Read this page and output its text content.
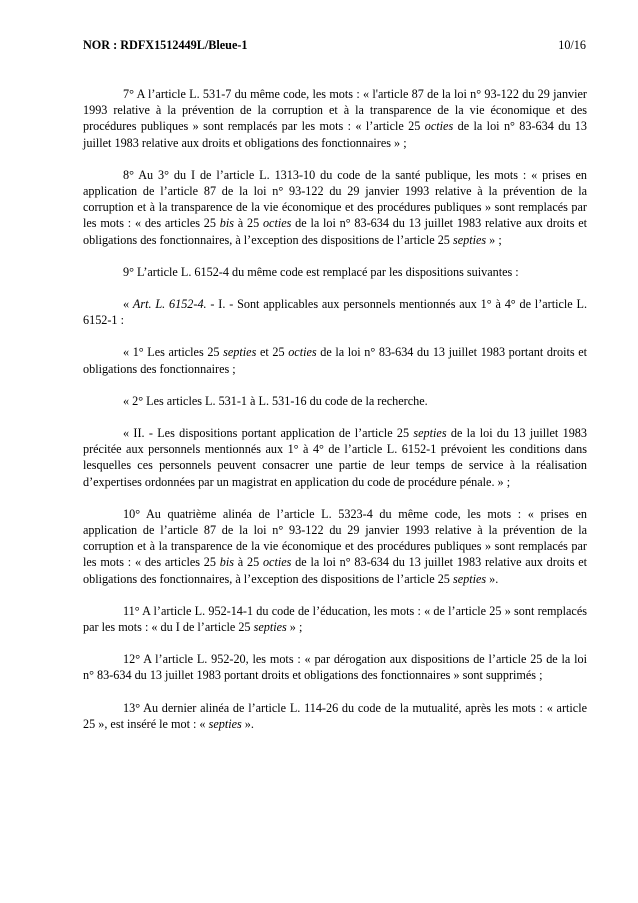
NOR : RDFX1512449L/Bleue-1	10/16

7° A l’article L. 531-7 du même code, les mots : « l'article 87 de la loi n° 93-122 du 29 janvier 1993 relative à la prévention de la corruption et à la transparence de la vie économique et des procédures publiques » sont remplacés par les mots : « l’article 25 octies de la loi n° 83-634 du 13 juillet 1983 relative aux droits et obligations des fonctionnaires » ;

8° Au 3° du I de l’article L. 1313-10 du code de la santé publique, les mots : « prises en application de l’article 87 de la loi n° 93-122 du 29 janvier 1993 relative à la prévention de la corruption et à la transparence de la vie économique et des procédures publiques » sont remplacés par les mots : « des articles 25 bis à 25 octies de la loi n° 83-634 du 13 juillet 1983 relative aux droits et obligations des fonctionnaires, à l’exception des dispositions de l’article 25 septies » ;

9° L’article L. 6152-4 du même code est remplacé par les dispositions suivantes :

« Art. L. 6152-4. - I. - Sont applicables aux personnels mentionnés aux 1° à 4° de l’article L. 6152-1 :

« 1° Les articles 25 septies et 25 octies de la loi n° 83-634 du 13 juillet 1983 portant droits et obligations des fonctionnaires ;

« 2° Les articles L. 531-1 à L. 531-16 du code de la recherche.

« II. - Les dispositions portant application de l’article 25 septies de la loi du 13 juillet 1983 précitée aux personnels mentionnés aux 1° à 4° de l’article L. 6152-1 prévoient les conditions dans lesquelles ces personnels peuvent consacrer une partie de leur temps de service à la réalisation d’expertises ordonnées par un magistrat en application du code de procédure pénale. » ;

10° Au quatrième alinéa de l’article L. 5323-4 du même code, les mots : « prises en application de l’article 87 de la loi n° 93-122 du 29 janvier 1993 relative à la prévention de la corruption et à la transparence de la vie économique et des procédures publiques » sont remplacés par les mots : « des articles 25 bis à 25 octies de la loi n° 83-634 du 13 juillet 1983 relative aux droits et obligations des fonctionnaires, à l’exception des dispositions de l’article 25 septies ».

11° A l’article L. 952-14-1 du code de l’éducation, les mots : « de l’article 25 » sont remplacés par les mots : « du I de l’article 25 septies » ;

12° A l’article L. 952-20, les mots : « par dérogation aux dispositions de l’article 25 de la loi n° 83-634 du 13 juillet 1983 portant droits et obligations des fonctionnaires » sont supprimés ;

13° Au dernier alinéa de l’article L. 114-26 du code de la mutualité, après les mots : « article 25 », est inséré le mot : « septies ».
